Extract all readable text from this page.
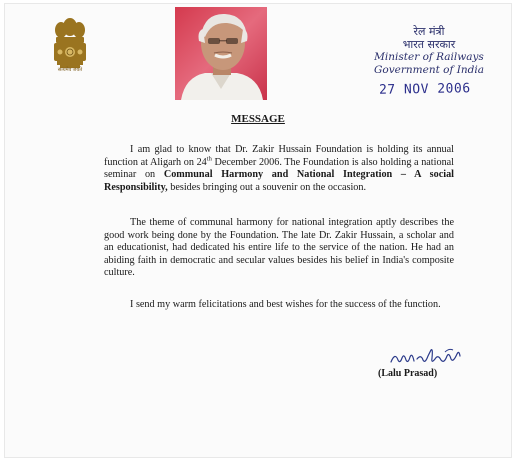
सत्यमेव जयते
रेल मंत्री
भारत सरकार
Minister of Railways
Government of India
27 NOV 2006
MESSAGE

I am glad to know that Dr. Zakir Hussain Foundation is holding its annual function at Aligarh on 24th December 2006. The Foundation is also holding a national seminar on Communal Harmony and National Integration – A social Responsibility, besides bringing out a souvenir on the occasion.

The theme of communal harmony for national integration aptly describes the good work being done by the Foundation. The late Dr. Zakir Hussain, a scholar and an educationist, had dedicated his entire life to the service of the nation. He had an abiding faith in democratic and secular values besides his belief in India's composite culture.

I send my warm felicitations and best wishes for the success of the function.

(Lalu Prasad)
